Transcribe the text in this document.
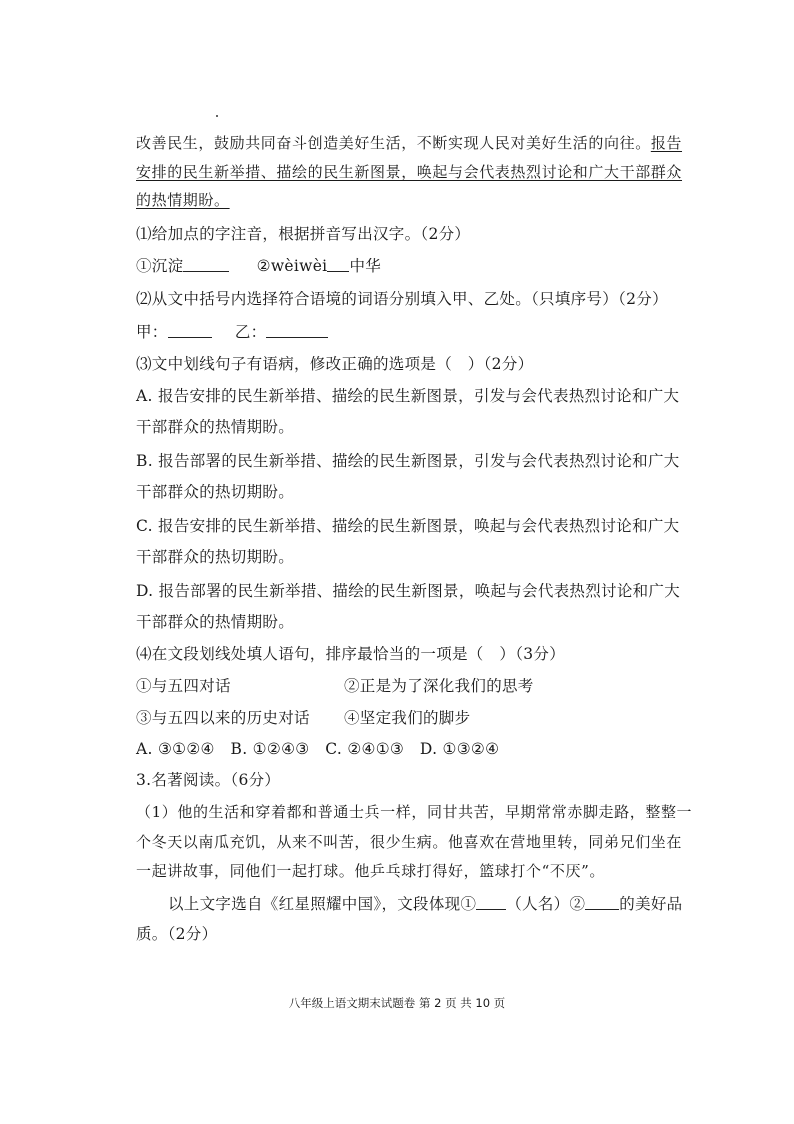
改善民生，鼓励共同奋斗创造美好生活，不断实现人民对美好生活的向往。报告
安排的民生新举措、描绘的民生新图景，唤起与会代表热烈讨论和广大干部群众
的热情期盼。
⑴给加点的字注音，根据拼音写出汉字。（2分）
①沉淀	②wèiwèi 中华
⑵从文中括号内选择符合语境的词语分别填入甲、乙处。（只填序号）（2分）
甲：	乙：
⑶文中划线句子有语病，修改正确的选项是（　）（2分）
A. 报告安排的民生新举措、描绘的民生新图景，引发与会代表热烈讨论和广大
干部群众的热情期盼。
B. 报告部署的民生新举措、描绘的民生新图景，引发与会代表热烈讨论和广大
干部群众的热切期盼。
C. 报告安排的民生新举措、描绘的民生新图景，唤起与会代表热烈讨论和广大
干部群众的热切期盼。
D. 报告部署的民生新举措、描绘的民生新图景，唤起与会代表热烈讨论和广大
干部群众的热情期盼。
⑷在文段划线处填人语句，排序最恰当的一项是（　）（3分）
①与五四对话	②正是为了深化我们的思考
③与五四以来的历史对话 ④坚定我们的脚步
A. ③①②④　B. ①②④③　C. ②④①③　D. ①③②④
3.名著阅读。（6分）
（1）他的生活和穿着都和普通士兵一样，同甘共苦，早期常常赤脚走路，整整一
个冬天以南瓜充饥，从来不叫苦，很少生病。他喜欢在营地里转，同弟兄们坐在
一起讲故事，同他们一起打球。他乒乓球打得好，篮球打个“不厌”。
以上文字选自《红星照耀中国》，文段体现① （人名）② 的美好品
质。（2分）
八年级上语文期末试题卷 第 2 页 共 10 页
